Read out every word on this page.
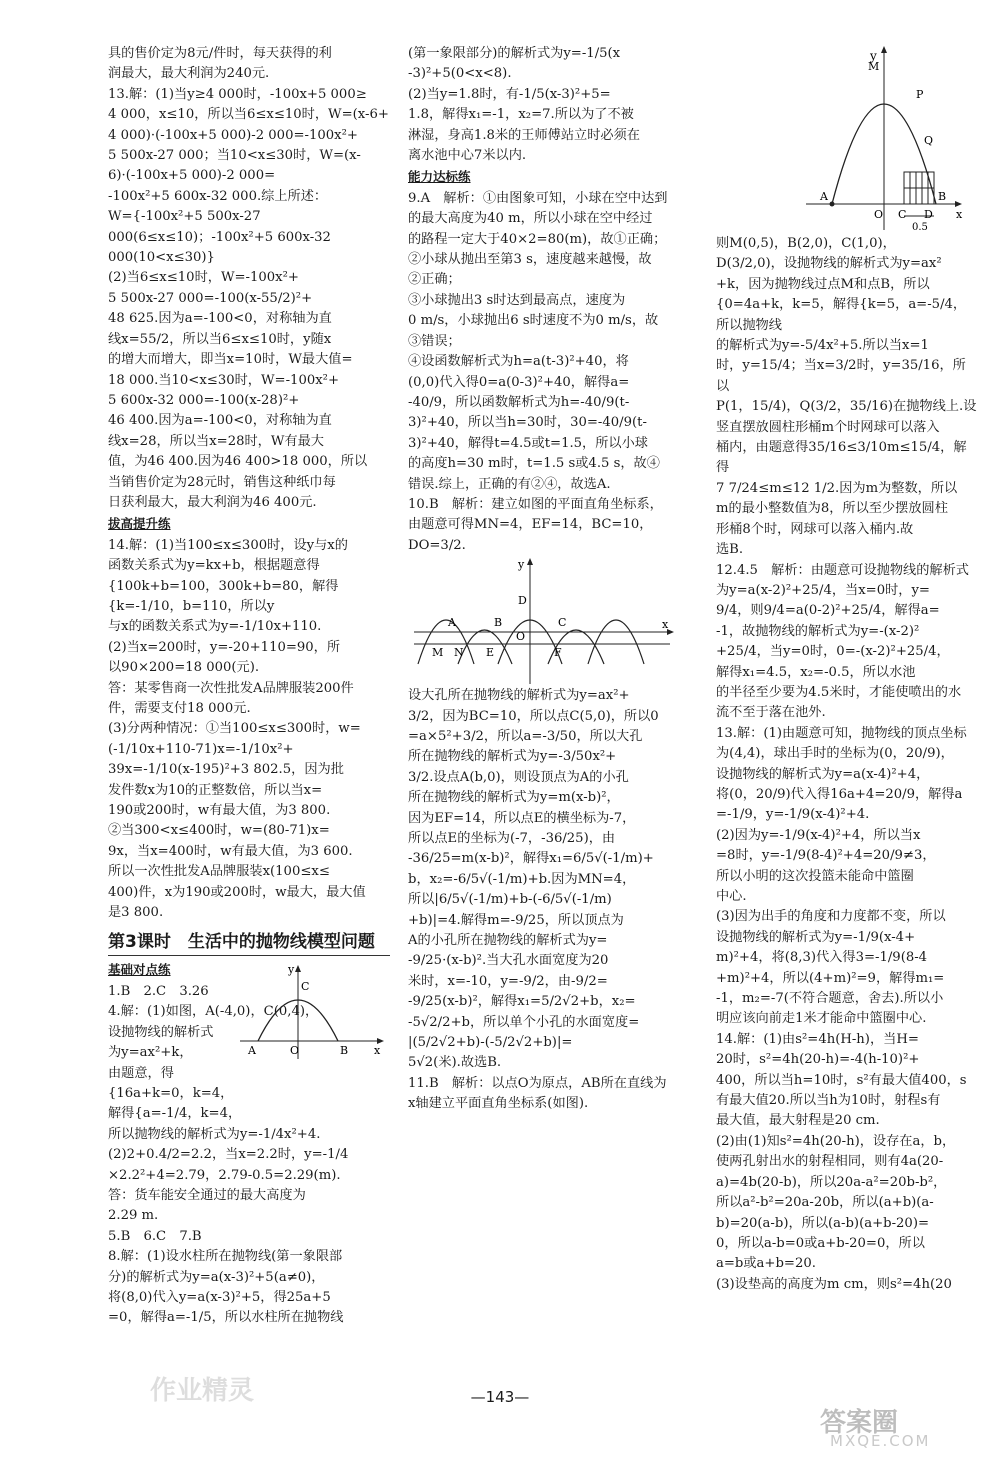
具的售价定为8元/件时，每天获得的利

润最大，最大利润为240元.

13.解：(1)当y≥4 000时，-100x+5 000≥

4 000，x≤10，所以当6≤x≤10时，W=(x-6+

4 000)·(-100x+5 000)-2 000=-100x²+

5 500x-27 000；当10<x≤30时，W=(x-

6)·(-100x+5 000)-2 000=

-100x²+5 600x-32 000.综上所述：

W={-100x²+5 500x-27 000(6≤x≤10)；-100x²+5 600x-32 000(10<x≤30)}

(2)当6≤x≤10时，W=-100x²+

5 500x-27 000=-100(x-55/2)²+

48 625.因为a=-100<0，对称轴为直

线x=55/2，所以当6≤x≤10时，y随x

的增大而增大，即当x=10时，W最大值=

18 000.当10<x≤30时，W=-100x²+

5 600x-32 000=-100(x-28)²+

46 400.因为a=-100<0，对称轴为直

线x=28，所以当x=28时，W有最大

值，为46 400.因为46 400>18 000，所以

当销售价定为28元时，销售这种纸巾每

日获利最大，最大利润为46 400元.

拔高提升练

14.解：(1)当100≤x≤300时，设y与x的

函数关系式为y=kx+b，根据题意得

{100k+b=100，300k+b=80，解得{k=-1/10，b=110，所以y

与x的函数关系式为y=-1/10x+110.

(2)当x=200时，y=-20+110=90，所

以90×200=18 000(元).

答：某零售商一次性批发A品牌服装200件

件，需要支付18 000元.

(3)分两种情况：①当100≤x≤300时，w=

(-1/10x+110-71)x=-1/10x²+

39x=-1/10(x-195)²+3 802.5，因为批

发件数x为10的正整数倍，所以当x=

190或200时，w有最大值，为3 800.

②当300<x≤400时，w=(80-71)x=

9x，当x=400时，w有最大值，为3 600.

所以一次性批发A品牌服装x(100≤x≤

400)件，x为190或200时，w最大，最大值

是3 800.

第3课时　生活中的抛物线模型问题

基础对点练

1.B　2.C　3.26

4.解：(1)如图，A(-4,0)，C(0,4)，

设抛物线的解析式

y
C
A	O	B x

为y=ax²+k，

由题意，得

{16a+k=0，k=4，

解得{a=-1/4，k=4，

所以抛物线的解析式为y=-1/4x²+4.

(2)2+0.4/2=2.2，当x=2.2时，y=-1/4

×2.2²+4=2.79，2.79-0.5=2.29(m).

答：货车能安全通过的最大高度为

2.29 m.

5.B　6.C　7.B

8.解：(1)设水柱所在抛物线(第一象限部

分)的解析式为y=a(x-3)²+5(a≠0)，

将(8,0)代入y=a(x-3)²+5，得25a+5

=0，解得a=-1/5，所以水柱所在抛物线

(第一象限部分)的解析式为y=-1/5(x

-3)²+5(0<x<8).

(2)当y=1.8时，有-1/5(x-3)²+5=

1.8，解得x₁=-1，x₂=7.所以为了不被

淋湿，身高1.8米的王师傅站立时必须在

离水池中心7米以内.

能力达标练

9.A　解析：①由图象可知，小球在空中达到

的最大高度为40 m，所以小球在空中经过

的路程一定大于40×2=80(m)，故①正确；

②小球从抛出至第3 s，速度越来越慢，故

②正确；

③小球抛出3 s时达到最高点，速度为

0 m/s，小球抛出6 s时速度不为0 m/s，故

③错误；

④设函数解析式为h=a(t-3)²+40，将

(0,0)代入得0=a(0-3)²+40，解得a=

-40/9，所以函数解析式为h=-40/9(t-

3)²+40，所以当h=30时，30=-40/9(t-

3)²+40，解得t=4.5或t=1.5，所以小球

的高度h=30 m时，t=1.5 s或4.5 s，故④

错误.综上，正确的有②④，故选A.

10.B　解析：建立如图的平面直角坐标系，

由题意可得MN=4，EF=14，BC=10，

DO=3/2.

y
x
A	B	C
D
O
M N E	F

设大孔所在抛物线的解析式为y=ax²+

3/2，因为BC=10，所以点C(5,0)，所以0

=a×5²+3/2，所以a=-3/50，所以大孔

所在抛物线的解析式为y=-3/50x²+

3/2.设点A(b,0)，则设顶点为A的小孔

所在抛物线的解析式为y=m(x-b)²，

因为EF=14，所以点E的横坐标为-7，

所以点E的坐标为(-7，-36/25)，由

-36/25=m(x-b)²，解得x₁=6/5√(-1/m)+

b，x₂=-6/5√(-1/m)+b.因为MN=4，

所以|6/5√(-1/m)+b-(-6/5√(-1/m)

+b)|=4.解得m=-9/25，所以顶点为

A的小孔所在抛物线的解析式为y=

-9/25·(x-b)².当大孔水面宽度为20

米时，x=-10，y=-9/2，由-9/2=

-9/25(x-b)²，解得x₁=5/2√2+b，x₂=

-5√2/2+b，所以单个小孔的水面宽度=

|(5/2√2+b)-(-5/2√2+b)|=

5√2(米).故选B.

11.B　解析：以点O为原点，AB所在直线为

x轴建立平面直角坐标系(如图).

y
M
P
Q
A
O C D
B
x
0.5

则M(0,5)，B(2,0)，C(1,0)，

D(3/2,0)，设抛物线的解析式为y=ax²

+k，因为抛物线过点M和点B，所以

{0=4a+k，k=5，解得{k=5，a=-5/4，所以抛物线

的解析式为y=-5/4x²+5.所以当x=1

时，y=15/4；当x=3/2时，y=35/16，所以

P(1，15/4)，Q(3/2，35/16)在抛物线上.设

竖直摆放圆柱形桶m个时网球可以落入

桶内，由题意得35/16≤3/10m≤15/4，解得

7 7/24≤m≤12 1/2.因为m为整数，所以

m的最小整数值为8，所以至少摆放圆柱

形桶8个时，网球可以落入桶内.故

选B.

12.4.5　解析：由题意可设抛物线的解析式

为y=a(x-2)²+25/4，当x=0时，y=

9/4，则9/4=a(0-2)²+25/4，解得a=

-1，故抛物线的解析式为y=-(x-2)²

+25/4，当y=0时，0=-(x-2)²+25/4，

解得x₁=4.5，x₂=-0.5，所以水池

的半径至少要为4.5米时，才能使喷出的水

流不至于落在池外.

13.解：(1)由题意可知，抛物线的顶点坐标

为(4,4)，球出手时的坐标为(0，20/9)，

设抛物线的解析式为y=a(x-4)²+4，

将(0，20/9)代入得16a+4=20/9，解得a

=-1/9，y=-1/9(x-4)²+4.

(2)因为y=-1/9(x-4)²+4，所以当x

=8时，y=-1/9(8-4)²+4=20/9≠3，

所以小明的这次投篮未能命中篮圈

中心.

(3)因为出手的角度和力度都不变，所以

设抛物线的解析式为y=-1/9(x-4+

m)²+4，将(8,3)代入得3=-1/9(8-4

+m)²+4，所以(4+m)²=9，解得m₁=

-1，m₂=-7(不符合题意，舍去).所以小

明应该向前走1米才能命中篮圈中心.

14.解：(1)由s²=4h(H-h)，当H=

20时，s²=4h(20-h)=-4(h-10)²+

400，所以当h=10时，s²有最大值400，s

有最大值20.所以当h为10时，射程s有

最大值，最大射程是20 cm.

(2)由(1)知s²=4h(20-h)，设存在a，b，

使两孔射出水的射程相同，则有4a(20-

a)=4b(20-b)，所以20a-a²=20b-b²，

所以a²-b²=20a-20b，所以(a+b)(a-

b)=20(a-b)，所以(a-b)(a+b-20)=

0，所以a-b=0或a+b-20=0，所以

a=b或a+b=20.

(3)设垫高的高度为m cm，则s²=4h(20

—143—
答案圈
MXQE.COM
作业精灵
